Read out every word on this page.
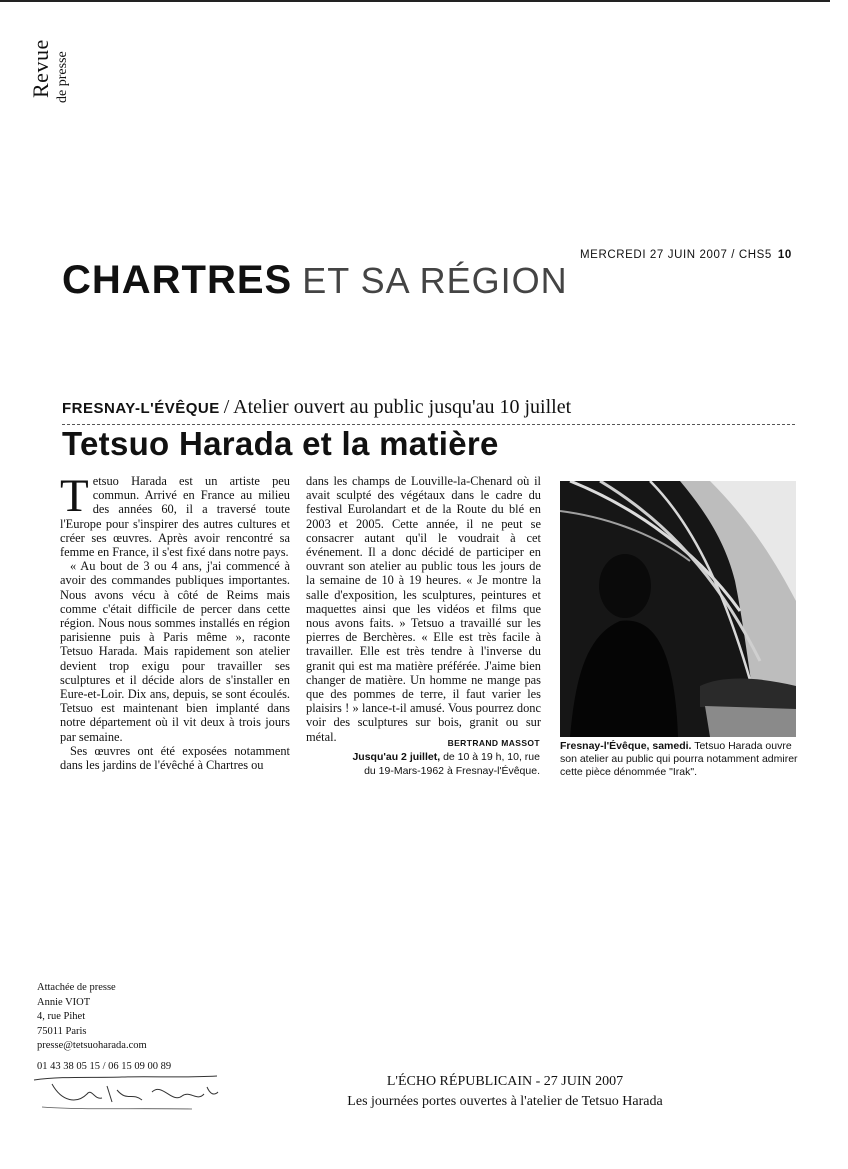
Revue de presse
MERCREDI 27 JUIN 2007 / CHS5 10
CHARTRES ET SA RÉGION
FRESNAY-L'ÉVÊQUE / Atelier ouvert au public jusqu'au 10 juillet
Tetsuo Harada et la matière
T etsuo Harada est un artiste peu commun. Arrivé en France au milieu des années 60, il a traversé toute l'Europe pour s'inspirer des autres cultures et créer ses œuvres. Après avoir rencontré sa femme en France, il s'est fixé dans notre pays.

« Au bout de 3 ou 4 ans, j'ai commencé à avoir des commandes publiques importantes. Nous avons vécu à côté de Reims mais comme c'était difficile de percer dans cette région. Nous nous sommes installés en région parisienne puis à Paris même », raconte Tetsuo Harada. Mais rapidement son atelier devient trop exigu pour travailler ses sculptures et il décide alors de s'installer en Eure-et-Loir. Dix ans, depuis, se sont écoulés. Tetsuo est maintenant bien implanté dans notre département où il vit deux à trois jours par semaine.

Ses œuvres ont été exposées notamment dans les jardins de l'évêché à Chartres ou

dans les champs de Louville-la-Chenard où il avait sculpté des végétaux dans le cadre du festival Eurolandart et de la Route du blé en 2003 et 2005. Cette année, il ne peut se consacrer autant qu'il le voudrait à cet événement. Il a donc décidé de participer en ouvrant son atelier au public tous les jours de la semaine de 10 à 19 heures. « Je montre la salle d'exposition, les sculptures, peintures et maquettes ainsi que les vidéos et films que nous avons faits. » Tetsuo a travaillé sur les pierres de Berchères. « Elle est très facile à travailler. Elle est très tendre à l'inverse du granit qui est ma matière préférée. J'aime bien changer de matière. Un homme ne mange pas que des pommes de terre, il faut varier les plaisirs ! » lance-t-il amusé. Vous pourrez donc voir des sculptures sur bois, granit ou sur métal.	BERTRAND MASSOT
Jusqu'au 2 juillet, de 10 à 19 h, 10, rue du 19-Mars-1962 à Fresnay-l'Évêque.
Fresnay-l'Évêque, samedi. Tetsuo Harada ouvre son atelier au public qui pourra notamment admirer cette pièce dénommée "Irak".
Attachée de presse
Annie VIOT
4, rue Pihet
75011 Paris
presse@tetsuoharada.com
01 43 38 05 15 / 06 15 09 00 89
L'ÉCHO RÉPUBLICAIN - 27 JUIN 2007
Les journées portes ouvertes à l'atelier de Tetsuo Harada
